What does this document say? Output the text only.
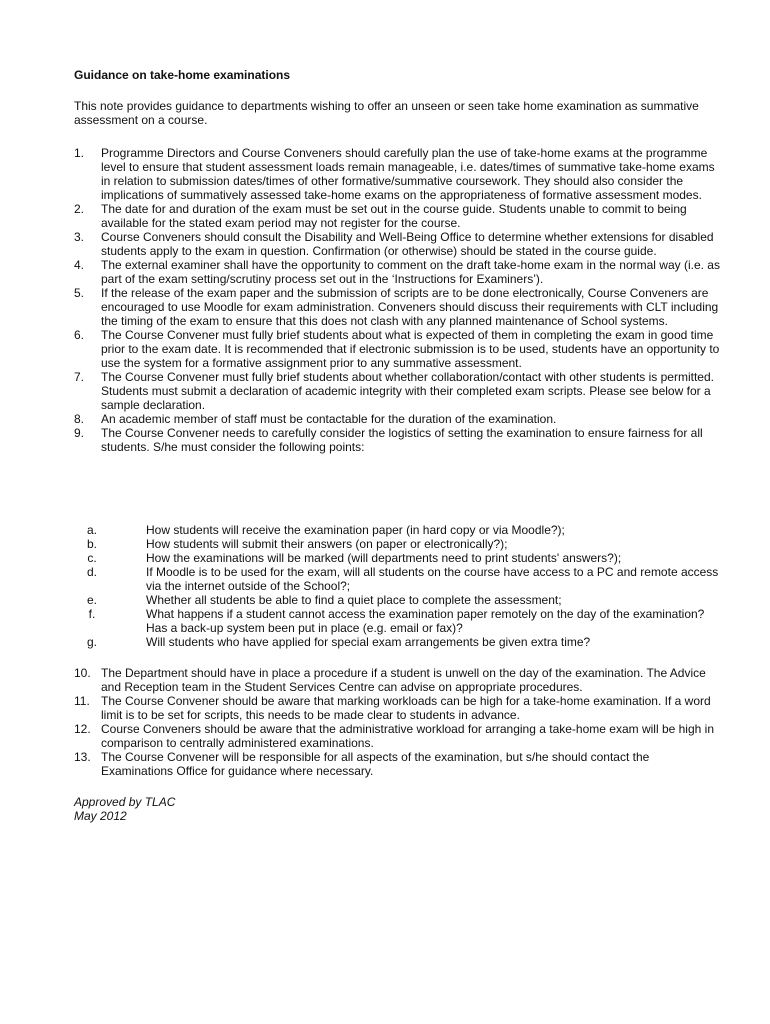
Guidance on take-home examinations
This note provides guidance to departments wishing to offer an unseen or seen take home examination as summative assessment on a course.
1. Programme Directors and Course Conveners should carefully plan the use of take-home exams at the programme level to ensure that student assessment loads remain manageable, i.e. dates/times of summative take-home exams in relation to submission dates/times of other formative/summative coursework. They should also consider the implications of summatively assessed take-home exams on the appropriateness of formative assessment modes.
2. The date for and duration of the exam must be set out in the course guide. Students unable to commit to being available for the stated exam period may not register for the course.
3. Course Conveners should consult the Disability and Well-Being Office to determine whether extensions for disabled students apply to the exam in question. Confirmation (or otherwise) should be stated in the course guide.
4. The external examiner shall have the opportunity to comment on the draft take-home exam in the normal way (i.e. as part of the exam setting/scrutiny process set out in the ‘Instructions for Examiners’).
5. If the release of the exam paper and the submission of scripts are to be done electronically, Course Conveners are encouraged to use Moodle for exam administration. Conveners should discuss their requirements with CLT including the timing of the exam to ensure that this does not clash with any planned maintenance of School systems.
6. The Course Convener must fully brief students about what is expected of them in completing the exam in good time prior to the exam date. It is recommended that if electronic submission is to be used, students have an opportunity to use the system for a formative assignment prior to any summative assessment.
7. The Course Convener must fully brief students about whether collaboration/contact with other students is permitted. Students must submit a declaration of academic integrity with their completed exam scripts. Please see below for a sample declaration.
8. An academic member of staff must be contactable for the duration of the examination.
9. The Course Convener needs to carefully consider the logistics of setting the examination to ensure fairness for all students. S/he must consider the following points:
a.	How students will receive the examination paper (in hard copy or via Moodle?);
b.	How students will submit their answers (on paper or electronically?);
c.	How the examinations will be marked (will departments need to print students' answers?);
d.	If Moodle is to be used for the exam, will all students on the course have access to a PC and remote access via the internet outside of the School?;
e.	Whether all students be able to find a quiet place to complete the assessment;
f.	What happens if a student cannot access the examination paper remotely on the day of the examination? Has a back-up system been put in place (e.g. email or fax)?
g.	Will students who have applied for special exam arrangements be given extra time?
10. The Department should have in place a procedure if a student is unwell on the day of the examination. The Advice and Reception team in the Student Services Centre can advise on appropriate procedures.
11. The Course Convener should be aware that marking workloads can be high for a take-home examination. If a word limit is to be set for scripts, this needs to be made clear to students in advance.
12. Course Conveners should be aware that the administrative workload for arranging a take-home exam will be high in comparison to centrally administered examinations.
13. The Course Convener will be responsible for all aspects of the examination, but s/he should contact the Examinations Office for guidance where necessary.
Approved by TLAC
May 2012
